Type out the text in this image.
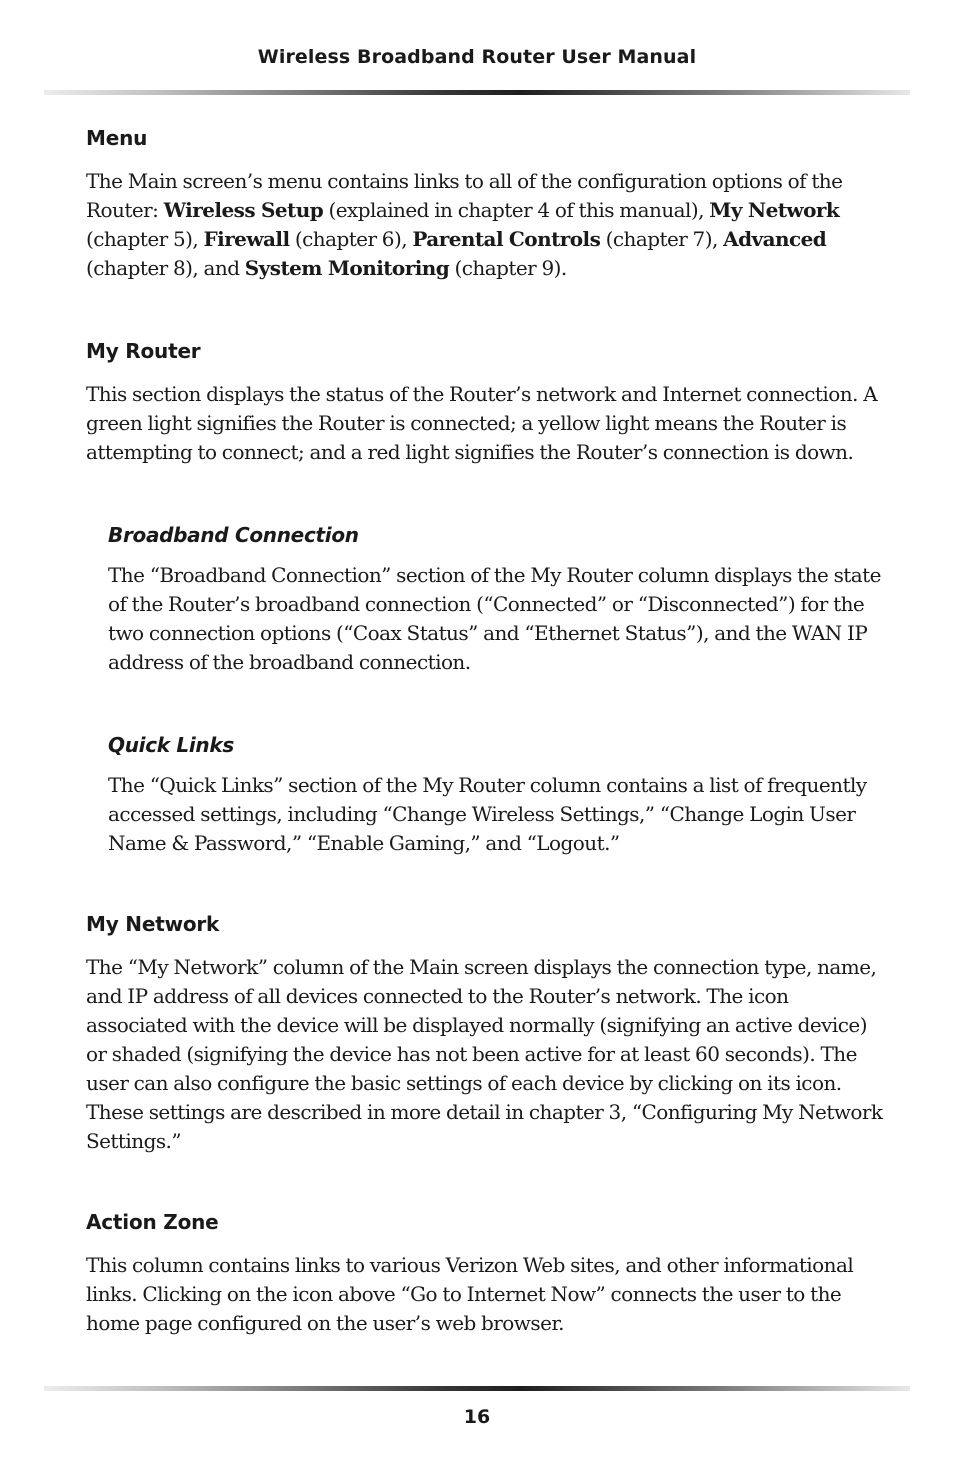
Wireless Broadband Router User Manual
Menu

The Main screen’s menu contains links to all of the configuration options of the Router: Wireless Setup (explained in chapter 4 of this manual), My Network (chapter 5), Firewall (chapter 6), Parental Controls (chapter 7), Advanced (chapter 8), and System Monitoring (chapter 9).

My Router

This section displays the status of the Router’s network and Internet connection. A green light signifies the Router is connected; a yellow light means the Router is attempting to connect; and a red light signifies the Router’s connection is down.

Broadband Connection

The “Broadband Connection” section of the My Router column displays the state of the Router’s broadband connection (“Connected” or “Disconnected”) for the two connection options (“Coax Status” and “Ethernet Status”), and the WAN IP address of the broadband connection.

Quick Links

The “Quick Links” section of the My Router column contains a list of frequently accessed settings, including “Change Wireless Settings,” “Change Login User Name & Password,” “Enable Gaming,” and “Logout.”

My Network

The “My Network” column of the Main screen displays the connection type, name, and IP address of all devices connected to the Router’s network. The icon associated with the device will be displayed normally (signifying an active device) or shaded (signifying the device has not been active for at least 60 seconds). The user can also configure the basic settings of each device by clicking on its icon. These settings are described in more detail in chapter 3, “Configuring My Network Settings.”

Action Zone

This column contains links to various Verizon Web sites, and other informational links. Clicking on the icon above “Go to Internet Now” connects the user to the home page configured on the user’s web browser.

16
